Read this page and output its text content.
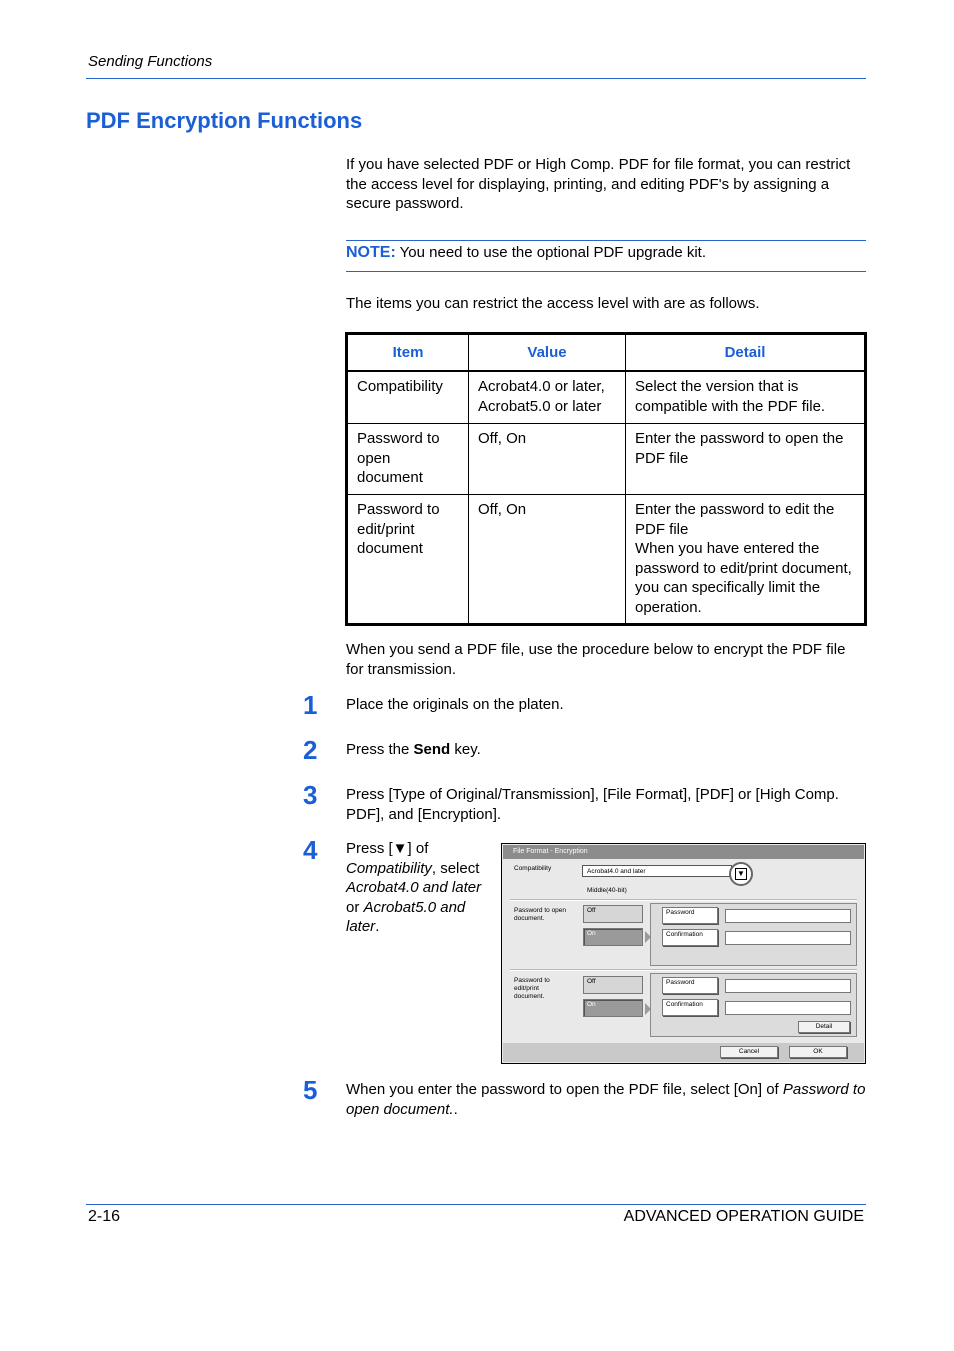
Sending Functions
PDF Encryption Functions
If you have selected PDF or High Comp. PDF for file format, you can restrict the access level for displaying, printing, and editing PDF's by assigning a secure password.
NOTE: You need to use the optional PDF upgrade kit.
The items you can restrict the access level with are as follows.
Item	Value	Detail
Compatibility	Acrobat4.0 or later, Acrobat5.0 or later	Select the version that is compatible with the PDF file.
Password to open document	Off, On	Enter the password to open the PDF file
Password to edit/print document	Off, On	Enter the password to edit the PDF file
When you have entered the password to edit/print document, you can specifically limit the operation.
When you send a PDF file, use the procedure below to encrypt the PDF file for transmission.
1 Place the originals on the platen.
2 Press the Send key.
3 Press [Type of Original/Transmission], [File Format], [PDF] or [High Comp. PDF], and [Encryption].
4 Press [▼] of Compatibility, select Acrobat4.0 and later or Acrobat5.0 and later.
File Format - Encryption
Compatibility	Acrobat4.0 and later	▼
Middle(40-bit)
Password to open document.
Off
On
Password
Confirmation
Password to edit/print document.
Off
On
Password
Confirmation
Detail
Cancel	OK
5 When you enter the password to open the PDF file, select [On] of Password to open document..
2-16	ADVANCED OPERATION GUIDE
